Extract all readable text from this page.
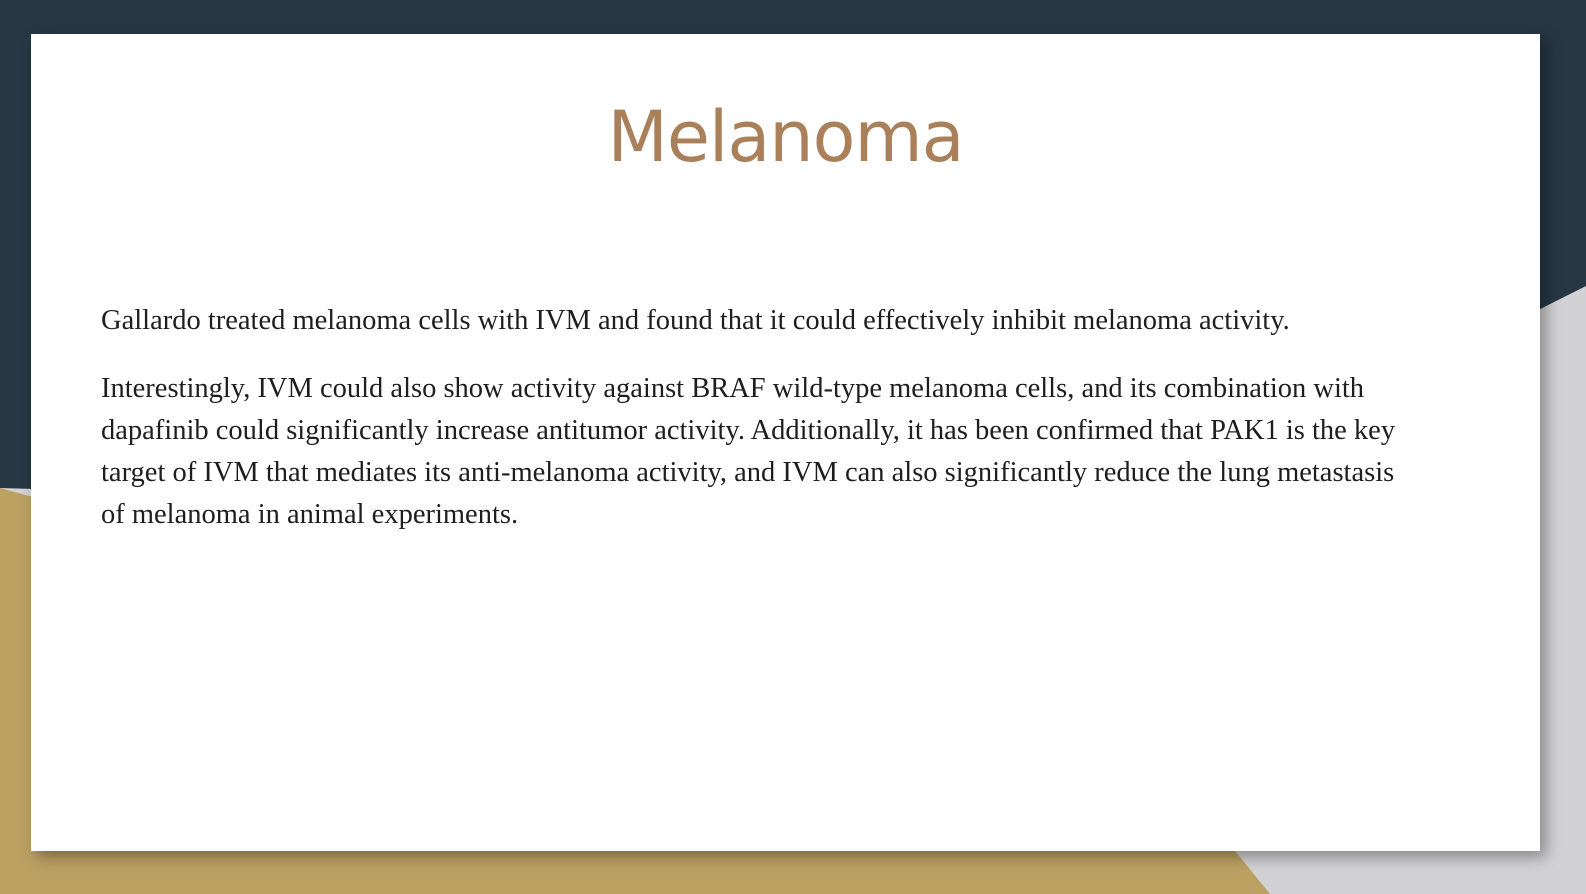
Melanoma

Gallardo treated melanoma cells with IVM and found that it could effectively inhibit melanoma activity.

Interestingly, IVM could also show activity against BRAF wild-type melanoma cells, and its combination with dapafinib could significantly increase antitumor activity. Additionally, it has been confirmed that PAK1 is the key target of IVM that mediates its anti-melanoma activity, and IVM can also significantly reduce the lung metastasis of melanoma in animal experiments.
